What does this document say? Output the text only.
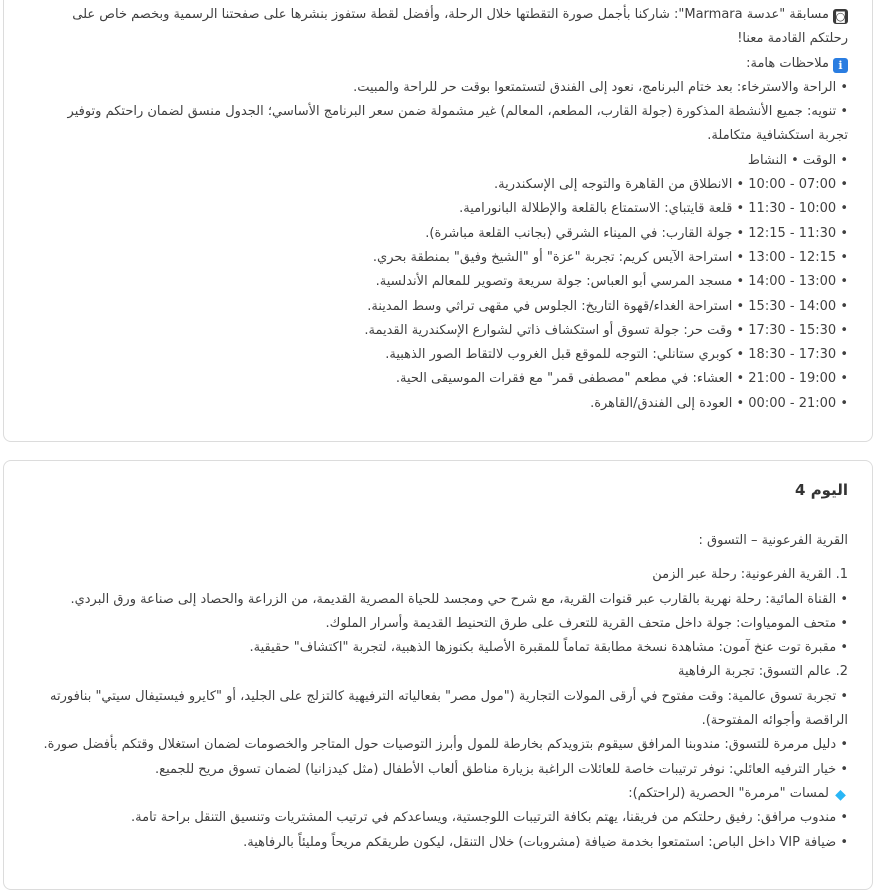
◙مسابقة "عدسة Marmara": شاركنا بأجمل صورة التقطتها خلال الرحلة، وأفضل لقطة ستفوز بنشرها على صفحتنا الرسمية وبخصم خاص على
رحلتكم القادمة معنا!
iملاحظات هامة:
• الراحة والاسترخاء: بعد ختام البرنامج، نعود إلى الفندق لتستمتعوا بوقت حر للراحة والمبيت.
• تنويه: جميع الأنشطة المذكورة (جولة القارب، المطعم، المعالم) غير مشمولة ضمن سعر البرنامج الأساسي؛ الجدول منسق لضمان راحتكم وتوفير
تجربة استكشافية متكاملة.
• الوقت • النشاط
• 07:00 - 10:00 • الانطلاق من القاهرة والتوجه إلى الإسكندرية.
• 10:00 - 11:30 • قلعة قايتباي: الاستمتاع بالقلعة والإطلالة البانورامية.
• 11:30 - 12:15 • جولة القارب: في الميناء الشرقي (بجانب القلعة مباشرة).
• 12:15 - 13:00 • استراحة الآيس كريم: تجربة "عزة" أو "الشيخ وفيق" بمنطقة بحري.
• 13:00 - 14:00 • مسجد المرسي أبو العباس: جولة سريعة وتصوير للمعالم الأندلسية.
• 14:00 - 15:30 • استراحة الغداء/قهوة التاريخ: الجلوس في مقهى تراثي وسط المدينة.
• 15:30 - 17:30 • وقت حر: جولة تسوق أو استكشاف ذاتي لشوارع الإسكندرية القديمة.
• 17:30 - 18:30 • كوبري ستانلي: التوجه للموقع قبل الغروب لالتقاط الصور الذهبية.
• 19:00 - 21:00 • العشاء: في مطعم "مصطفى قمر" مع فقرات الموسيقى الحية.
• 21:00 - 00:00 • العودة إلى الفندق/القاهرة.
اليوم 4
القرية الفرعونية – التسوق :
1. القرية الفرعونية: رحلة عبر الزمن
• القناة المائية: رحلة نهرية بالقارب عبر قنوات القرية، مع شرح حي ومجسد للحياة المصرية القديمة، من الزراعة والحصاد إلى صناعة ورق البردي.
• متحف المومياوات: جولة داخل متحف القرية للتعرف على طرق التحنيط القديمة وأسرار الملوك.
• مقبرة توت عنخ آمون: مشاهدة نسخة مطابقة تماماً للمقبرة الأصلية بكنوزها الذهبية، لتجربة "اكتشاف" حقيقية.
2. عالم التسوق: تجربة الرفاهية
• تجربة تسوق عالمية: وقت مفتوح في أرقى المولات التجارية ("مول مصر" بفعالياته الترفيهية كالتزلج على الجليد، أو "كايرو فيستيفال سيتي" بنافورته
الراقصة وأجوائه المفتوحة).
• دليل مرمرة للتسوق: مندوبنا المرافق سيقوم بتزويدكم بخارطة للمول وأبرز التوصيات حول المتاجر والخصومات لضمان استغلال وقتكم بأفضل صورة.
• خيار الترفيه العائلي: نوفر ترتيبات خاصة للعائلات الراغبة بزيارة مناطق ألعاب الأطفال (مثل كيدزانيا) لضمان تسوق مريح للجميع.
◆لمسات "مرمرة" الحصرية (لراحتكم):
• مندوب مرافق: رفيق رحلتكم من فريقنا، يهتم بكافة الترتيبات اللوجستية، ويساعدكم في ترتيب المشتريات وتنسيق التنقل براحة تامة.
• ضيافة VIP داخل الباص: استمتعوا بخدمة ضيافة (مشروبات) خلال التنقل، ليكون طريقكم مريحاً ومليئاً بالرفاهية.
